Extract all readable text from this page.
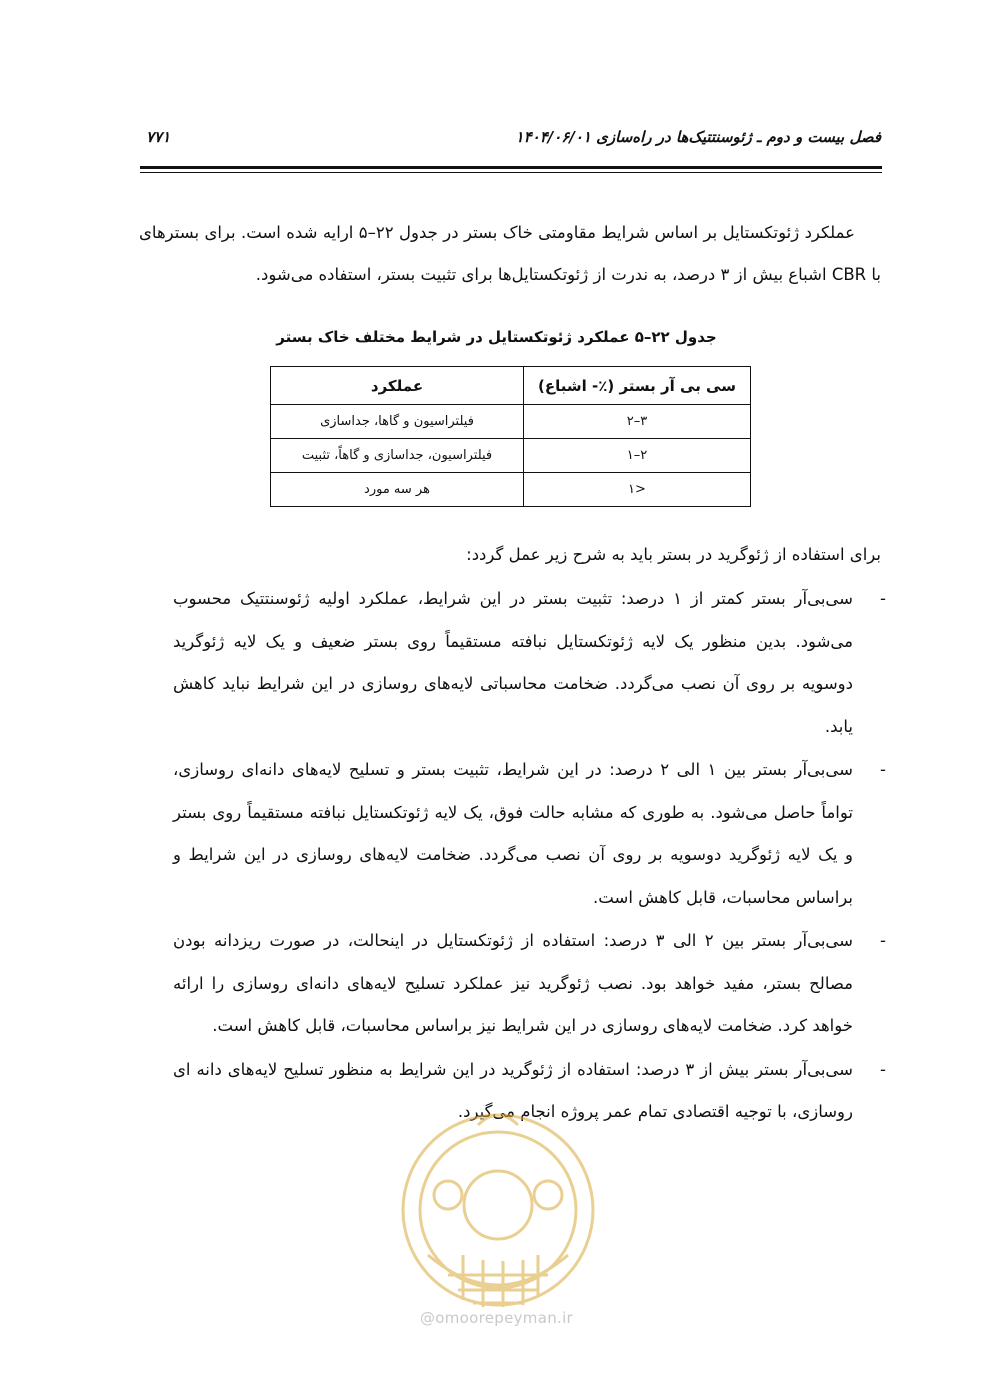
فصل بیست و دوم ـ ژئوسنتتیک‌ها در راه‌سازی ۱۴۰۴/۰۶/۰۱
۷۷۱
عملکرد ژئوتکستایل بر اساس شرایط مقاومتی خاک بستر در جدول ۲۲–۵ ارایه شده است. برای بسترهای با CBR اشباع بیش از ۳ درصد، به ندرت از ژئوتکستایل‌ها برای تثبیت بستر، استفاده می‌شود.
جدول ۲۲–۵ عملکرد ژئوتکستایل در شرایط مختلف خاک بستر
سی بی آر بستر (٪- اشباع)	عملکرد
۳–۲	فیلتراسیون و گاها، جداسازی
۲–۱	فیلتراسیون، جداسازی و گاهاً، تثبیت
<۱	هر سه مورد
برای استفاده از ژئوگرید در بستر باید به شرح زیر عمل گردد:
-
سی‌بی‌آر بستر کمتر از ۱ درصد: تثبیت بستر در این شرایط، عملکرد اولیه ژئوسنتتیک محسوب می‌شود. بدین منظور یک لایه ژئوتکستایل نبافته مستقیماً روی بستر ضعیف و یک لایه ژئوگرید دوسویه بر روی آن نصب می‌گردد. ضخامت محاسباتی لایه‌های روسازی در این شرایط نباید کاهش یابد.
-
سی‌بی‌آر بستر بین ۱ الی ۲ درصد: در این شرایط، تثبیت بستر و تسلیح لایه‌های دانه‌ای روسازی، تواماً حاصل می‌شود. به طوری که مشابه حالت فوق، یک لایه ژئوتکستایل نبافته مستقیماً روی بستر و یک لایه ژئوگرید دوسویه بر روی آن نصب می‌گردد. ضخامت لایه‌های روسازی در این شرایط و براساس محاسبات، قابل کاهش است.
-
سی‌بی‌آر بستر بین ۲ الی ۳ درصد: استفاده از ژئوتکستایل در اینحالت، در صورت ریزدانه بودن مصالح بستر، مفید خواهد بود. نصب ژئوگرید نیز عملکرد تسلیح لایه‌های دانه‌ای روسازی را ارائه خواهد کرد. ضخامت لایه‌های روسازی در این شرایط نیز براساس محاسبات، قابل کاهش است.
-
سی‌بی‌آر بستر بیش از ۳ درصد: استفاده از ژئوگرید در این شرایط به منظور تسلیح لایه‌های دانه ای روسازی، با توجیه اقتصادی تمام عمر پروژه انجام می‌گیرد.
@omoorepeyman.ir
